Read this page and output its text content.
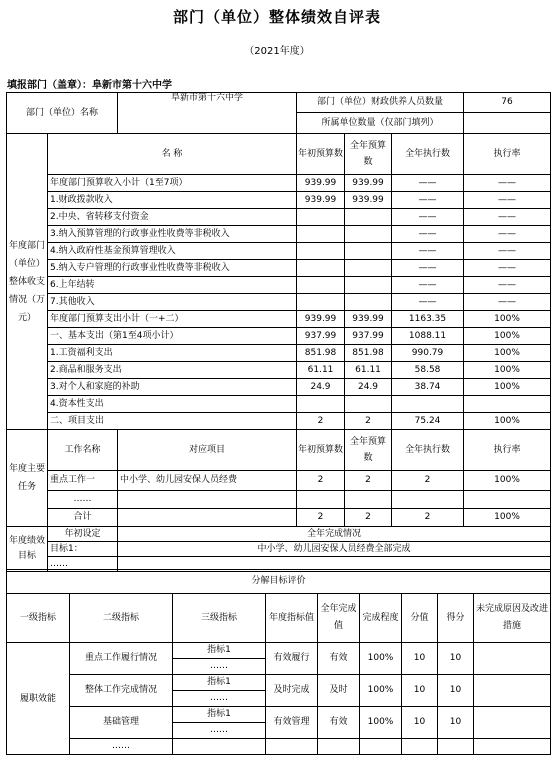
部门（单位）整体绩效自评表
（2021年度）
填报部门（盖章）：阜新市第十六中学
部门（单位）名称		阜新市第十六中学	部门（单位）财政供养人员数量			76
			所属单位数量（仅部门填列）			
年度部门（单位）整体收支情况（万元）	名 称		年初预算数	全年预算数	全年执行数	执行率
	年度部门预算收入小计（1至7项）		939.99	939.99	——	——
	1.财政拨款收入		939.99	939.99	——	——
	2.中央、省转移支付资金				——	——
	3.纳入预算管理的行政事业性收费等非税收入				——	——
	4.纳入政府性基金预算管理收入				——	——
	5.纳入专户管理的行政事业性收费等非税收入				——	——
	6.上年结转				——	——
	7.其他收入				——	——
	年度部门预算支出小计（一+二）		939.99	939.99	1163.35	100%
	一、基本支出（第1至4项小计）		937.99	937.99	1088.11	100%
	1.工资福利支出		851.98	851.98	990.79	100%
	2.商品和服务支出		61.11	61.11	58.58	100%
	3.对个人和家庭的补助		24.9	24.9	38.74	100%
	4.资本性支出					
	二、项目支出		2	2	75.24	100%
年度主要任务	工作名称	对应项目	年初预算数	全年预算数	全年执行数	执行率
	重点工作一	中小学、幼儿园安保人员经费	2	2	2	100%
	……					
	合计		2	2	2	100%
年度绩效目标	年初设定	全年完成情况				
	目标1：	中小学、幼儿园安保人员经费全部完成				
	……					
分解目标评价								
一级指标	二级指标	三级指标	年度指标值	全年完成值	完成程度	分值	得分	未完成原因及改进措施
履职效能	重点工作履行情况	指标1	有效履行	有效	100%	10	10	
		……						
	整体工作完成情况	指标1	及时完成	及时	100%	10	10	
		……						
	基础管理	指标1	有效管理	有效	100%	10	10	
		……						
	……							
